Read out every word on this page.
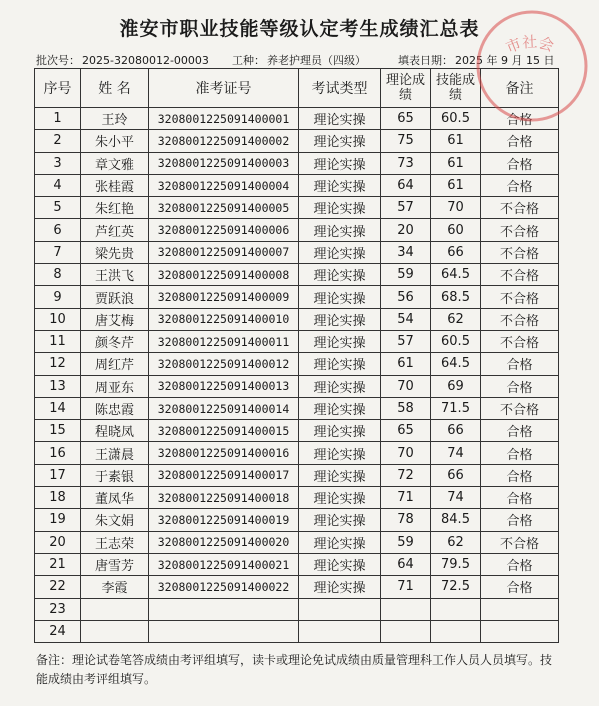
淮安市职业技能等级认定考生成绩汇总表
批次号： 2025-32080012-00003 工种： 养老护理员（四级）	填表日期： 2025 年 9 月 15 日
序号	姓 名	准考证号	考试类型	理论成绩	技能成绩	备注
1	王玲	3208001225091400001	理论实操	65	60.5	合格
2	朱小平	3208001225091400002	理论实操	75	61	合格
3	章文雅	3208001225091400003	理论实操	73	61	合格
4	张桂霞	3208001225091400004	理论实操	64	61	合格
5	朱红艳	3208001225091400005	理论实操	57	70	不合格
6	芦红英	3208001225091400006	理论实操	20	60	不合格
7	梁先贵	3208001225091400007	理论实操	34	66	不合格
8	王洪飞	3208001225091400008	理论实操	59	64.5	不合格
9	贾跃浪	3208001225091400009	理论实操	56	68.5	不合格
10	唐艾梅	3208001225091400010	理论实操	54	62	不合格
11	颜冬芹	3208001225091400011	理论实操	57	60.5	不合格
12	周红芹	3208001225091400012	理论实操	61	64.5	合格
13	周亚东	3208001225091400013	理论实操	70	69	合格
14	陈忠霞	3208001225091400014	理论实操	58	71.5	不合格
15	程晓凤	3208001225091400015	理论实操	65	66	合格
16	王潇晨	3208001225091400016	理论实操	70	74	合格
17	于素银	3208001225091400017	理论实操	72	66	合格
18	董凤华	3208001225091400018	理论实操	71	74	合格
19	朱文娟	3208001225091400019	理论实操	78	84.5	合格
20	王志荣	3208001225091400020	理论实操	59	62	不合格
21	唐雪芳	3208001225091400021	理论实操	64	79.5	合格
22	李霞	3208001225091400022	理论实操	71	72.5	合格
23						
24						
备注：理论试卷笔答成绩由考评组填写，读卡或理论免试成绩由质量管理科工作人员人员填写。技能成绩由考评组填写。
市社会
